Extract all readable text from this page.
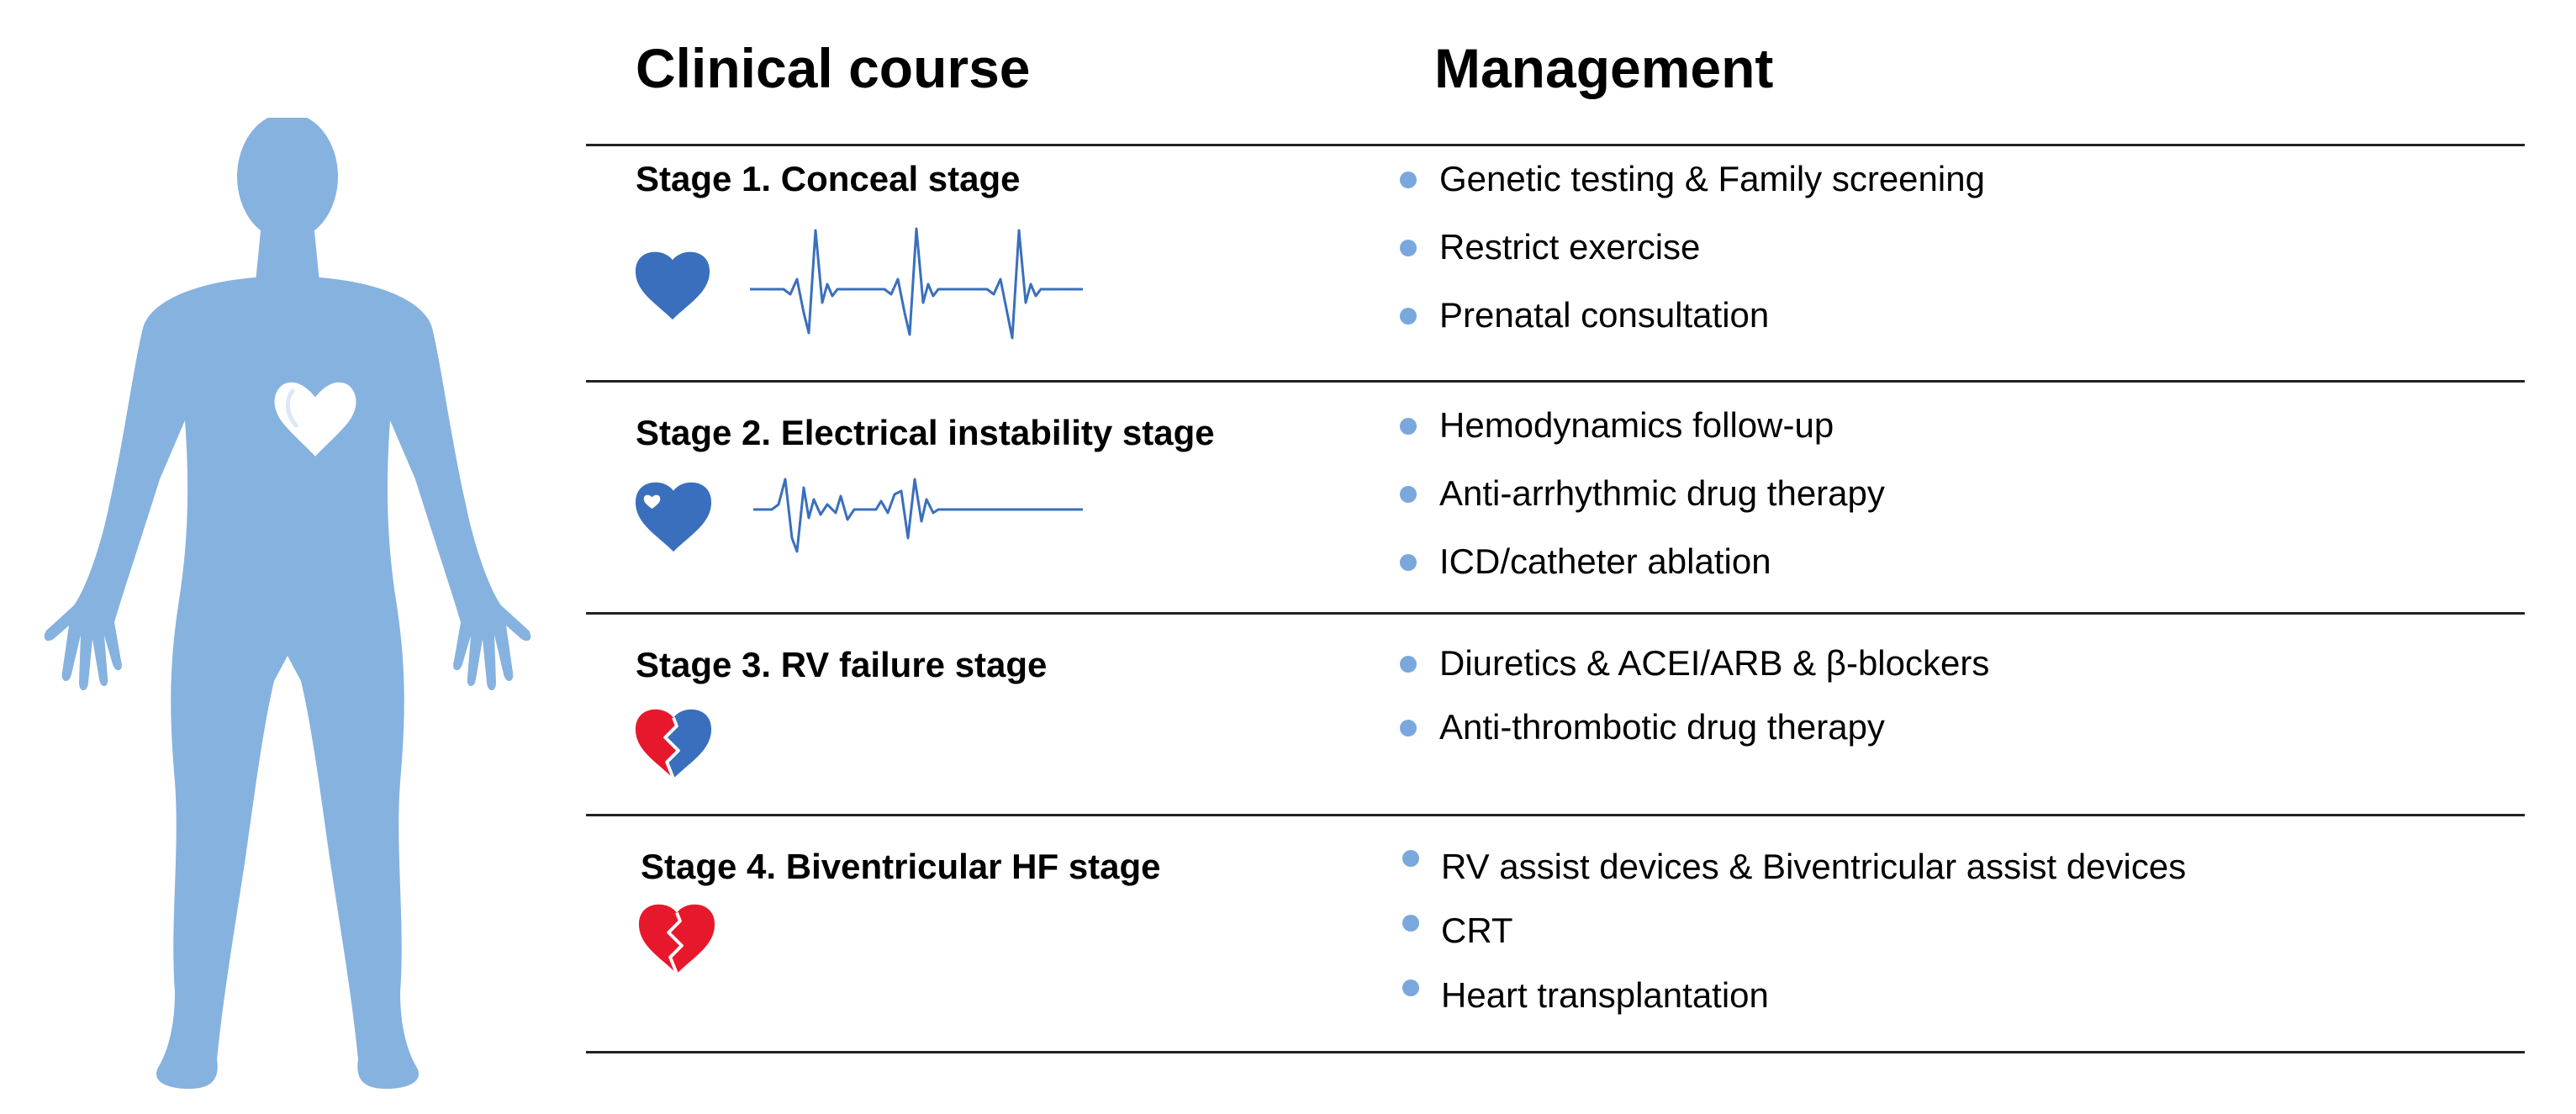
Clinical course	Management
Stage 1. Conceal stage	Genetic testing & Family screening
Restrict exercise
Prenatal consultation
Stage 2. Electrical instability stage	Hemodynamics follow-up
Anti-arrhythmic drug therapy
ICD/catheter ablation
Stage 3. RV failure stage	Diuretics & ACEI/ARB & β-blockers
Anti-thrombotic drug therapy
Stage 4. Biventricular HF stage	RV assist devices & Biventricular assist devices
CRT
Heart transplantation
